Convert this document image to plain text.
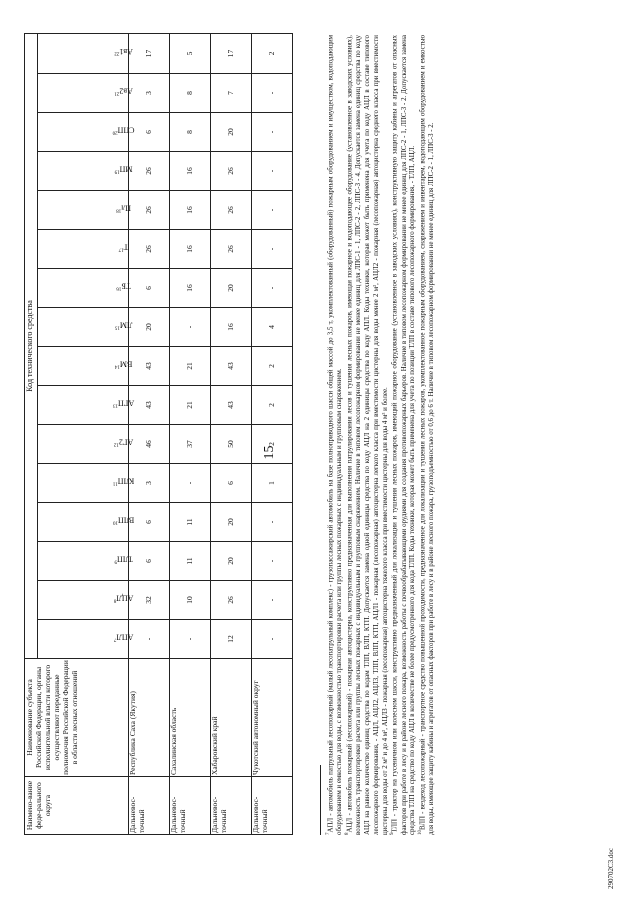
Наимено-вание феде-рального округа	Наименование субъекта Российской Федерации, органы исполнительной власти которого осуществляют переданные полномочия Российской Федерации в области лесных отношений	Код технического средства															

		АПЛ$^7$	АЦЛ$^8$	ТЛП$^9$	ВЛП$^{10}$	КЛП$^{11}$	$АГ2^{12}$	АГП$^{13}$	ВМ$^{14}$	ЛМ$^{15}$	ТБ$^{16}$	$Т^{17}$	$Пл^{18}$	МП$^{19}$	СПП$^{20}$	$Ав2^{21}$	$Ав1^{22}$

Дальневос-точный	Республика Саха (Якутия)	-	32	6	6	3	46	43	43	20	6	26	26	26	6	3	17
Дальневос-точный	Сахалинская область	-	10	11	11	-	37	21	21	-	16	16	16	16	8	8	5
Дальневос-точный	Хабаровский край	12	26	20	20	6	50	43	43	16	20	26	26	26	20	7	17
Дальневос-точный	Чукотский автономный округ	-	-	-	-	1	2	2	2	4	-	-	-	-	-	-	2
15

$^7$АПЛ - автомобиль патрульный лесопожарный (малый лесопатрульный комплекс) - грузопассажирский автомобиль на базе полноприводного шасси общей массой до 3,5 т, укомплектованный (оборудованный) пожарным оборудованием и имуществом, водоподающим оборудованием и емкостью для воды, с возможностью транспортировки расчета или группы лесных пожарных с индивидуальным и групповым снаряжением. $^8$АЦЛ - автомобиль пожарный (лесопожарный) - пожарная автоцистерна, конструктивно предназначенная для выполнения патрулирования лесов и тушения лесных пожаров, имеющая пожарное и водоподающее оборудование (установленное в заводских условиях), возможность транспортировки расчета или группы лесных пожарных с индивидуальным и групповым снаряжением. Наличие в типовом лесопожарном формировании не менее единиц для ЛПС-1 - 1, ЛПС-2 - 2, ЛПС-3 - 4. Допускается замена единиц средства по коду АЦЛ на равное количество единиц средства по кодам ТЛП, ВЛП, КТП. Допускается замена одной единицы средства по коду АЦЛ на 2 единицы средства по коду АПЛ. Коды техники, которая может быть применена для учета по коду АЦЛ в составе типового лесопожарного формирования, - АЦЛ, АЦЛ2, АЦЛЗ, ТЛП, ВЛП, КТП, АЦЛ1 - пожарная (лесопожарная) автоцистерна легкого класса при вместимости цистерны для воды менее 2 м³, АЦЛ2 - пожарная (лесопожарная) автоцистерна среднего класса при вместимости цистерны для воды от 2 м³ и до 4 м³, АЦЛЗ - пожарная (лесопожарная) автоцистерна тяжелого класса при вместимости цистерны для воды 4 м³ и более. $^9$ТЛП - трактор на гусеничном или колесном шасси, конструктивно предназначенный для локализации и тушения лесных пожаров, имеющий пожарное оборудование (установленное в заводских условиях), конструктивную защиту кабины и агрегатов от опасных факторов при работе в лесу и в районе лесного пожара, возможность работы с почвообрабатывающими орудиями для создания противопожарных барьеров. Наличие в типовом лесопожарном формировании не менее единиц для ЛПС-2 - 1, ЛПС-3 - 2. Допускается замена средства ТЛП на средство по коду АЦЛ в количестве не более предусмотренного для кода ТЛП. Коды техники, которая может быть применена для учета по позиции ТЛП в составе типового лесопожарного формирования, - ТЛП, АЦЛ. $^{10}$ВЛП - вездеход лесопожарный - транспортное средство повышенной проходимости, предназначенное для локализации и тушения лесных пожаров, укомплектованное пожарным оборудованием, снаряжением и инвентарем, водоподающим оборудованием и емкостью для воды, имеющее защиту кабины и агрегатов от опасных факторов при работе в лесу и в районе лесного пожара, грузоподъемностью от 0,6 до 6 т. Наличие в типовом лесопожарном формировании не менее единиц для ЛПС-2 - 1, ЛПС-3 - 2.

290702С3.doc
